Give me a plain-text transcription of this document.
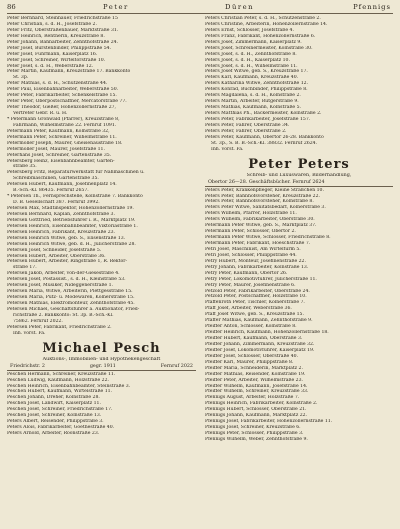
86	Peter	Düren	Pfennigs
Peter Bernhard, Steinhauer, Friedrichstraße 15
Peter Christian, s. d. H., Josefstraße 2.
Peter Fritz, Oberstraßenbauer, Marktstraße 31.
Peter Heinrich, Rentnerin, Kreuzstraße 8.
Peter Johann, Bahnarbeiter, Zehnthofstraße 24.
Peter Josef, Bürstenbinder, Philippstraße 54.
Peter Josef, Fuhrmann, Kaiserplatz 16.
Peter Josef, Schreiner, Wirteltorstraße 10.
Peter Josef, s. d. H., Weberstraße 12.
Peter Martin, Kaufmann, Kreuzstraße 17. Bankkonto
St. 3p.
Peter Mathias, s. d. H., Schützenstraße 44.
Peter Paul, Eisenbahnarbeiter, Weberstraße 50.
Peter Peter, Fabrikarbeiter, Schenkelstraße 15.
Peter Peter, Oberpostschaffner, Mercatorstraße 77.
Peter Theodor, Gießer, Hohenzollernstraße 27,
Vertreter Gebr. R. u. H.
* Petermann Grönwald (Pfarrer), Kreuzstraße 8,
Fahrmann, Wilhelmstraße 22. Fernruf 1091.
Petermann Peter, Kaufmann, Kölnstraße 32,
Petermann Peter, Schreiner, Wilhelmstraße 11.
Petermöller Joseph, Maurer, Gneisenaustraße 18.
Petermöller Josef, Maurer, Josefstraße 11.
Peterhans Josef, Schreiner, Gartenstraße 35.
Petersberg Heinz, Eisenbahnbeamter, Garten-
straße 35.
Petersberg Fritz, Reparaturwerkstatt für Nähmaschinen u.
Schreibmaschinen, Gartenstraße 35.
Petersen Hubert, Kaufmann, Josefinenplatz 14.
B.-Sch.-Kl. 86435. Fernruf 2657.
* Petersen Th., Fernsprechstelle, Kölnstraße 7. Bankkonto
D. B. Gesellschaft 387. Fernruf 3992.
Petersen Max, Stadtinspektor, Hohenzollernstraße 19.
Petersen Bernhard, Kaplan, Zehnthofstraße 3.
Petersen Gottfried, Betriebsführer i. R., Marktplatz 19.
Petersen Heinrich, Eisenbahnbeamter, Viktoriastraße 1.
Petersen Heinrich, Fabrikant, Kreuzstraße 23.
Petersen Heinrich Witwe, geb. S., Elisenstraße 13.
Petersen Heinrich Witwe, geb. d. H., Jülicherstraße 28.
Petersen Josef, Schneider, Josefstraße 5.
Petersen Hubert, Arbeiter, Oberstraße 36.
Petersen Hubert, Arbeiter, Ringstraße 1, R. Rektor-
straße 17.
Petersen Jakob, Arbeiter, von-der-Giesestraße 4.
Petersen Josef, Postassist., s. d. H., Kleinstraße 53.
Petersen Josef, Musiker, Nideggenerstraße 1.
Petersen Maria, Witwe, Arbeiterin, Plettgesstraße 15.
Petersen Maria, Putz- u. Modewaren, Kölnerstraße 15.
Petersen Mathias, Elektromonteur, Zehnthofstraße 45.
Petersen Michael, Geschäftsführer a. Auktionator, Fried-
richstraße 2. Bankkonto: St. 3p. B.-Sch.-Kl.
75862. Fernruf 2022.
Petersen Peter, Fabrikant, Friedrichstraße 2.
Inh. vorst. Fa.
Michael Pesch
Auktions-, Immobilien- und Hypothekengeschäft
Friedrichstr. 2	gegr. 1911	Fernruf 2022
Peschen Hermann, Schreiner, Kreuzstraße 11.
Peschen Ludwig, Kaufmann, Holzstraße 22.
Peschen Heinrich, Eisenbahnbeamter, Steinstraße 3.
Peschen Hubert, Kaufmann, Wirtelstraße 11.
Peschen Johann, Dreher, Kölnstraße 28.
Peschen Josef, Landwirt, Kaiserplatz 11.
Peschen Josef, Schreiner, Friedrichstraße 17.
Peschen Josef, Schreiner, Kölnstraße 13.
Peters Albert, Reisender, Philippstraße 3.
Peters Alois, Fabrikarbeiter, Goethestraße 40.
Peters Arnold, Arbeiter, Roonstraße 23.
Peters Christian Peter, s. d. H., Schützenstraße 2.
Peters Christine, Arbeiterin, Hohenzollernstraße 14.
Peters Ernst, Schlosser, Josefstraße 4.
Peters Franz, Fabrikant, Hohenzollernstraße 6.
Peters Josef, Zimmermann, Kaiserplatz 9.
Peters Josef, Schreinermeister, Kölnstraße 30.
Peters Josef, s. d. H., Zehnthofstraße 8.
Peters Josef, s. d. H., Kaiserplatz 10.
Peters Josef, s. d. H., Wilhelmstraße 11.
Peters Josef Witwe, geb. S., Kreuzstraße 17.
Peters Karl, Kaufmann, Kreuzstraße 40.
Peters Katharina Witwe, Zehnthofstraße 12.
Peters Konrad, Buchbinder, Philippstraße 8.
Peters Magdalena, s. d. H., Kölnstraße 2.
Peters Martin, Arbeiter, Rütgerstraße 9.
Peters Mathias, Kaufmann, Kölnstraße 5.
Peters Matthias Ph., Bäckermeister, Kölnstraße 2.
Peters Peter, Fabrikarbeiter, Josefstraße 157.
Peters Peter, Fahrer, Oberstraße 34.
Peters Peter, Fahrer, Oberstraße 2.
Peters Peter, Kaufmann, Obertor 26-28. Bankkonto
St. 3p., S. B. B.-Sch.-Kl. 38832. Fernruf 2624.
Inh. vorst. Fa.
Peter Peters
Schreib- und Luxuswaren, Bilderhandlung,
Obertor 26—28. Geschäftsbücher. Fernruf 2624
Peters Peter, Krankenpfleger, Kleine Sträßchen 10.
Peters Peter, Bahnhofsvorsteher, Kreuzstraße 22.
Peters Peter, Bahnhofsvorsteher, Kölnstraße 8.
Peters Peter Witwe, Sanitätsbedarf, Kölnerstraße 3.
Peters Wilhelm, Pfarrer, Holzstraße 11.
Peters Wilhelm, Fabrikarbeiter, Oberstraße 30.
Petermann Peter Witwe, geb. S., Marktplatz 37.
Petermann Peter, Schlosser, Obertor 2.
Petermann Peter Witwe, Schlosser, Friedrichstraße 8.
Petermann Peter, Fabrikant, Hoeschstraße 7.
Petri Josef, Maschinist, Am Wirtelturm 5.
Petri Josef, Schlosser, Philippstraße 44.
Petry Hubert, Monteur, Josefinenstraße 22.
Petry Johann, Fabrikarbeiter, Kölnstraße 13.
Petry Peter, Kaufmann, Obertor 26.
Petry Peter, Lokomotivführer, Jülicherstraße 11.
Petry Peter, Maurer, Josefinenstraße 6.
Petzold Peter, Fabrikarbeiter, Oberstraße 24.
Petzold Peter, Postschaffner, Holzstraße 10.
Pfaffenroth Peter, Tischler, Kölnerstraße 7.
Pfaff Josef, Arbeiter, Weberstraße 36.
Pfaff Josef Witwe, geb. S., Kreuzstraße 15.
Pfaffer Mathias, Kaufmann, Zehnthofstraße 9.
Pfeiffer Anton, Schlosser, Kölnstraße 8.
Pfeiffer Heinrich, Kaufmann, Hohenzollernstraße 18.
Pfeiffer Hubert, Kaufmann, Oberstraße 3.
Pfeiffer Johann, Zimmermann, Kreuzstraße 32.
Pfeiffer Josef, Lokomotivführer, Kaiserplatz 19.
Pfeiffer Josef, Schlosser, Oberstraße 40.
Pfeiffer Karl, Maurer, Philippstraße 8.
Pfeiffer Maria, Schneiderin, Marktplatz 2.
Pfeiffer Mathias, Reisender, Kölnstraße 19.
Pfeiffer Peter, Arbeiter, Wilhelmstraße 23.
Pfeiffer Wilhelm, Kaufmann, Josefstraße 14.
Pfeiffer Wilhelm, Schreiner, Kreuzstraße 33.
Pfennigs August, Arbeiter, Holzstraße 7.
Pfennigs Heinrich, Fabrikarbeiter, Kölnstraße 2.
Pfennigs Hubert, Schlosser, Oberstraße 21.
Pfennigs Johann, Kaufmann, Marktplatz 22.
Pfennigs Josef, Fabrikarbeiter, Hohenzollernstraße 11.
Pfennigs Josef, Schreiner, Kreuzstraße 6.
Pfennigs Peter, Schlosser, Philippstraße 3.
Pfennigs Wilhelm, Weber, Zehnthofstraße 9.
